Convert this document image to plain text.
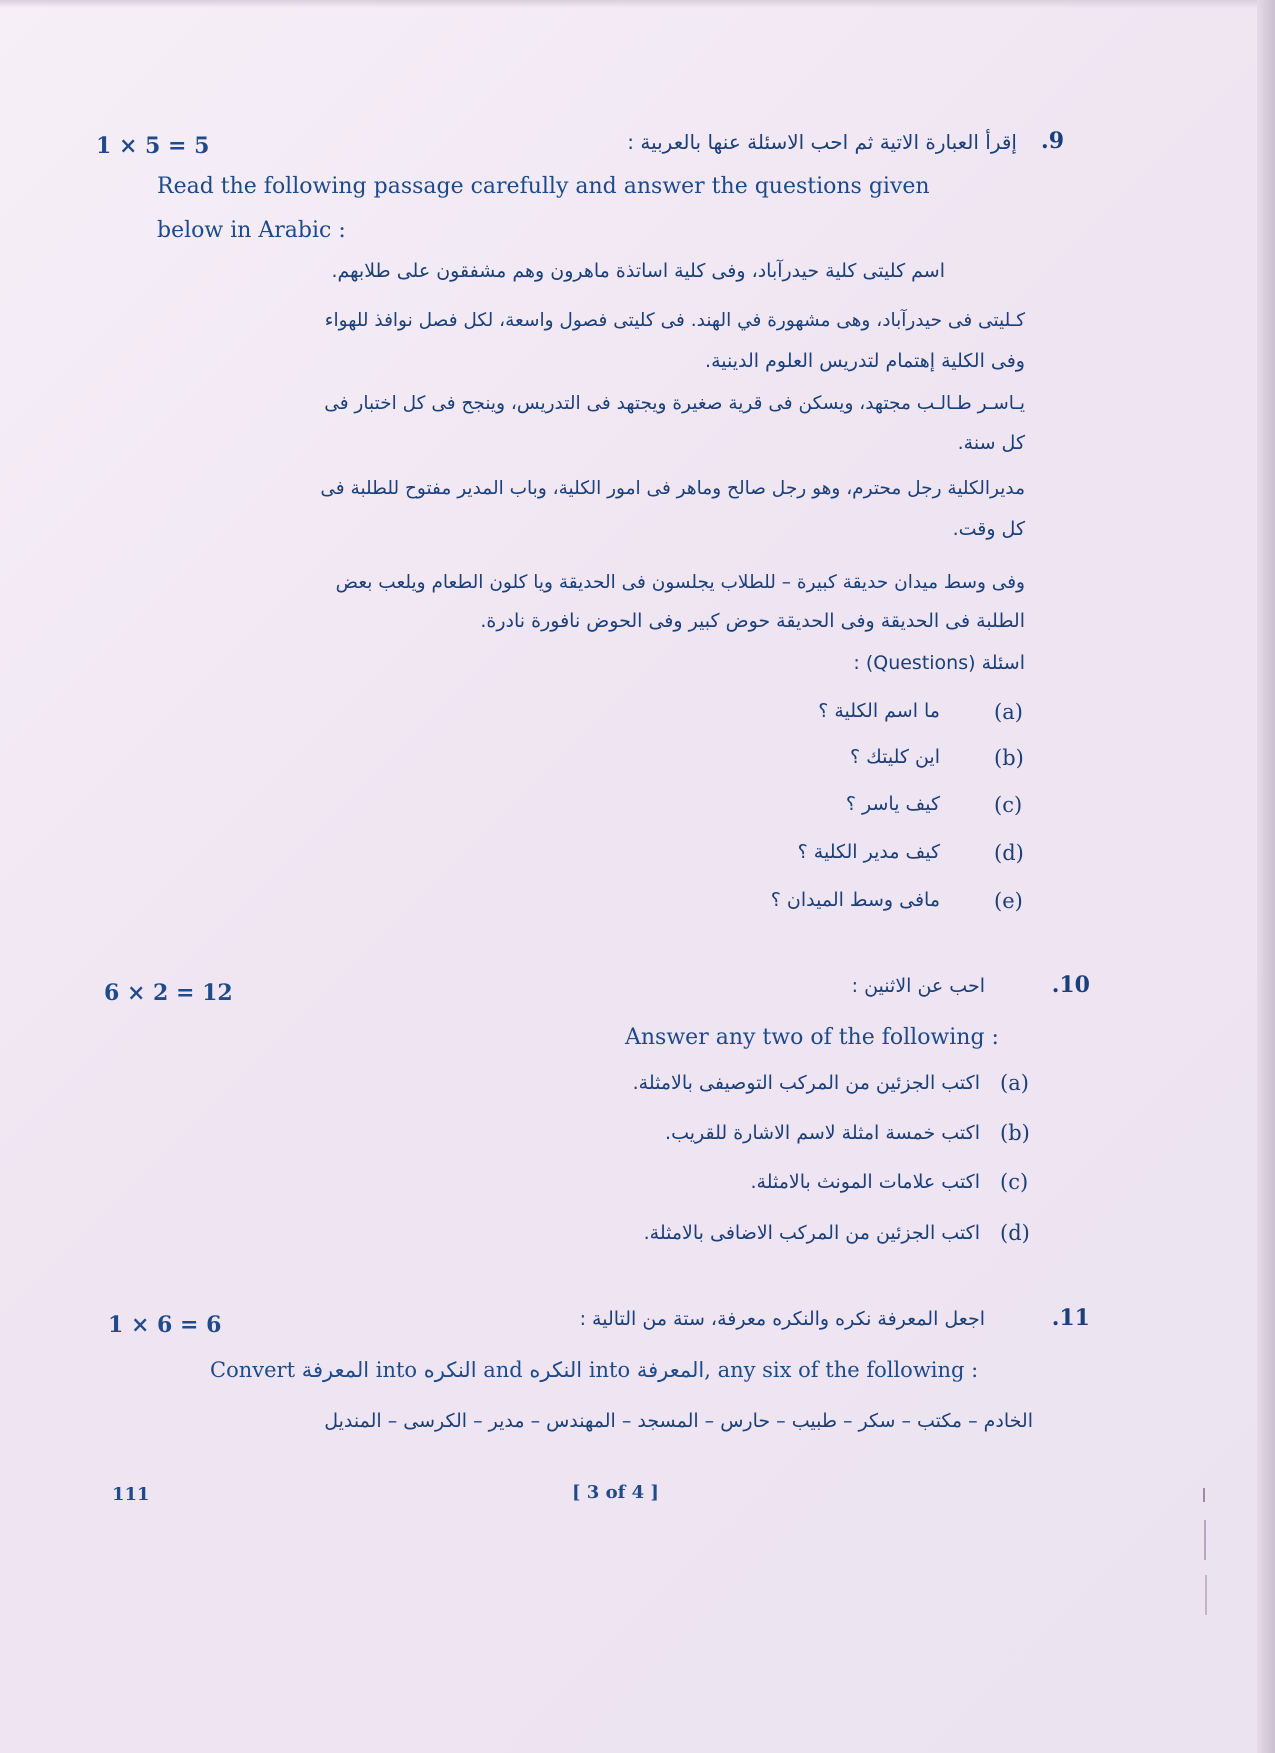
1 × 5 = 5	.9
إقرأ العبارة الاتية ثم احب الاسئلة عنها بالعربية :
Read the following passage carefully and answer the questions given
below in Arabic :
اسم كليتى كلية حيدرآباد، وفى كلية اساتذة ماهرون وهم مشفقون على طلابهم.
كـليتى فى حيدرآباد، وهى مشهورة في الهند. فى كليتى فصول واسعة، لكل فصل نوافذ للهواء
وفى الكلية إهتمام لتدريس العلوم الدينية.
يـاسـر طـالـب مجتهد، ويسكن فى قرية صغيرة ويجتهد فى التدريس، وينجح فى كل اختبار فى
كل سنة.
مديرالكلية رجل محترم، وهو رجل صالح وماهر فى امور الكلية، وباب المدير مفتوح للطلبة فى
كل وقت.
وفى وسط ميدان حديقة كبيرة – للطلاب يجلسون فى الحديقة ويا كلون الطعام ويلعب بعض
الطلبة فى الحديقة وفى الحديقة حوض كبير وفى الحوض نافورة نادرة.
اسئلة (Questions) :
(a)
ما اسم الكلية ؟
(b)
اين كليتك ؟
(c)
كيف ياسر ؟
(d)
كيف مدير الكلية ؟
(e)
مافى وسط الميدان ؟
6 × 2 = 12	.10
احب عن الاثنين :
Answer any two of the following :
(a)
اكتب الجزئين من المركب التوصيفى بالامثلة.
(b)
اكتب خمسة امثلة لاسم الاشارة للقريب.
(c)
اكتب علامات المونث بالامثلة.
(d)
اكتب الجزئين من المركب الاضافى بالامثلة.
1 × 6 = 6	.11
اجعل المعرفة نكره والنكره معرفة، ستة من التالية :
Convert المعرفة into النكره and النكره into المعرفة, any six of the following :
الخادم – مكتب – سكر – طبيب – حارس – المسجد – المهندس – مدير – الكرسى – المنديل
111	[ 3 of 4 ]
